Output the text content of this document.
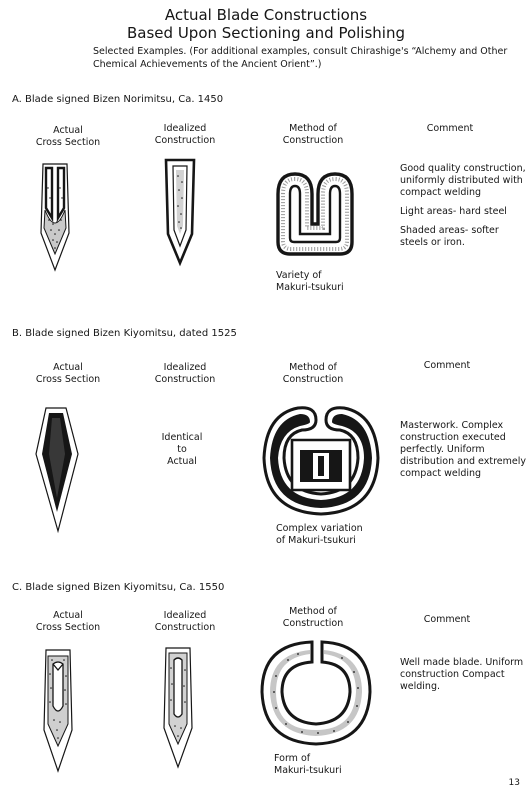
Actual Blade Constructions
Based Upon Sectioning and Polishing
Selected Examples. (For additional examples, consult Chirashige's “Alchemy and Other Chemical Achievements of the Ancient Orient”.)
A. Blade signed Bizen Norimitsu, Ca. 1450
Actual
Cross Section
Idealized
Construction
Method of
Construction
Comment
Variety of
Makuri-tsukuri

Good quality construction, uniformly distributed with compact welding

Light areas- hard steel

Shaded areas- softer steels or iron.

B. Blade signed Bizen Kiyomitsu, dated 1525
Actual
Cross Section
Idealized
Construction
Method of
Construction
Comment
Identical
to
Actual
Complex variation
of Makuri-tsukuri

Masterwork. Complex construction executed perfectly. Uniform distribution and extremely compact welding

C. Blade signed Bizen Kiyomitsu, Ca. 1550
Actual
Cross Section
Idealized
Construction
Method of
Construction	Comment
Form of
Makuri-tsukuri

Well made blade. Uniform construction Compact welding.

13
